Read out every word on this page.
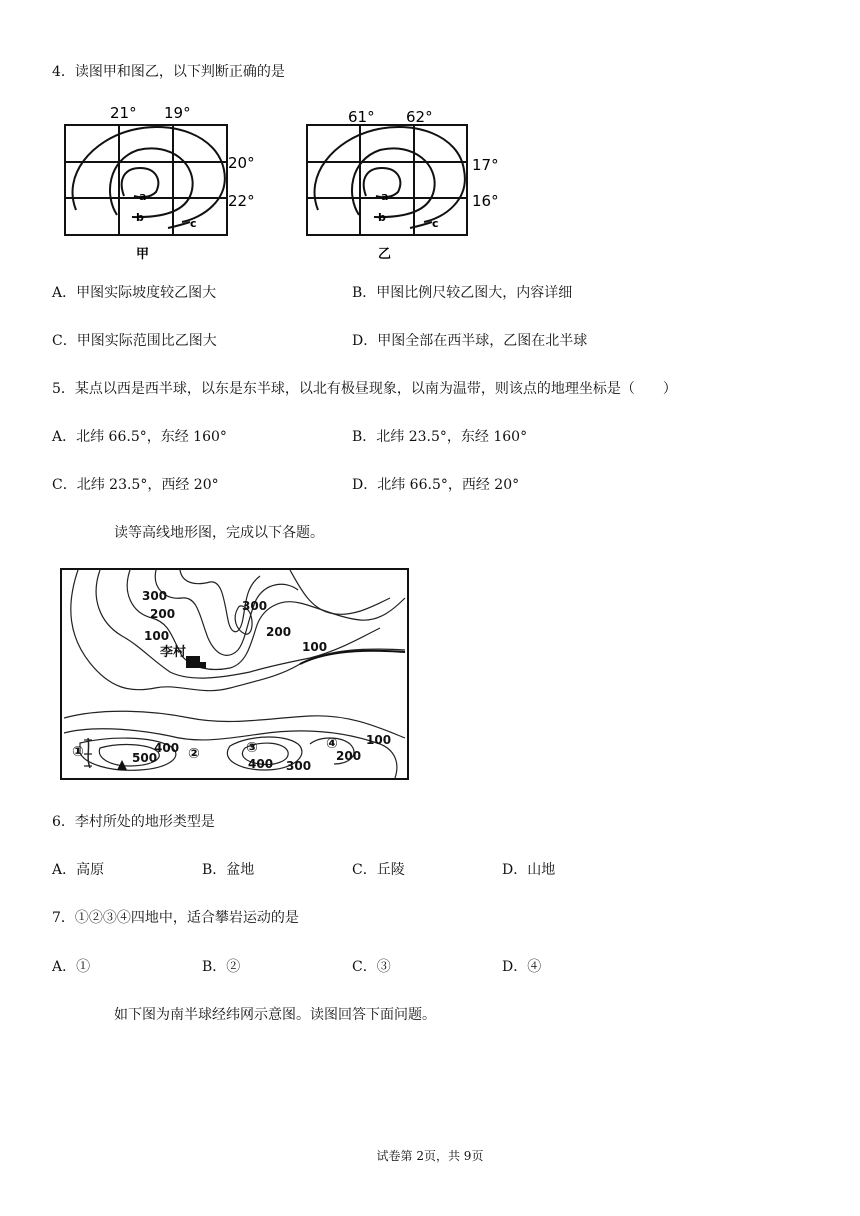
4．读图甲和图乙，以下判断正确的是
21° 19°
20°
22°
a
b	c
甲
61° 62°
17°
16°
a
b	c
乙
A．甲图实际坡度较乙图大	B．甲图比例尺较乙图大，内容详细
C．甲图实际范围比乙图大	D．甲图全部在西半球，乙图在北半球
5．某点以西是西半球，以东是东半球，以北有极昼现象，以南为温带，则该点的地理坐标是（　　）
A．北纬 66.5°，东经 160°	B．北纬 23.5°，东经 160°
C．北纬 23.5°，西经 20°	D．北纬 66.5°，西经 20°
读等高线地形图，完成以下各题。
300
200
100
300
200
100
李村
①	500
400 ②	③
400 300
④
200
100
6．李村所处的地形类型是
A．高原	B．盆地	C．丘陵	D．山地
7．①②③④四地中，适合攀岩运动的是
A．①	B．②	C．③	D．④
如下图为南半球经纬网示意图。读图回答下面问题。
试卷第 2页，共 9页
